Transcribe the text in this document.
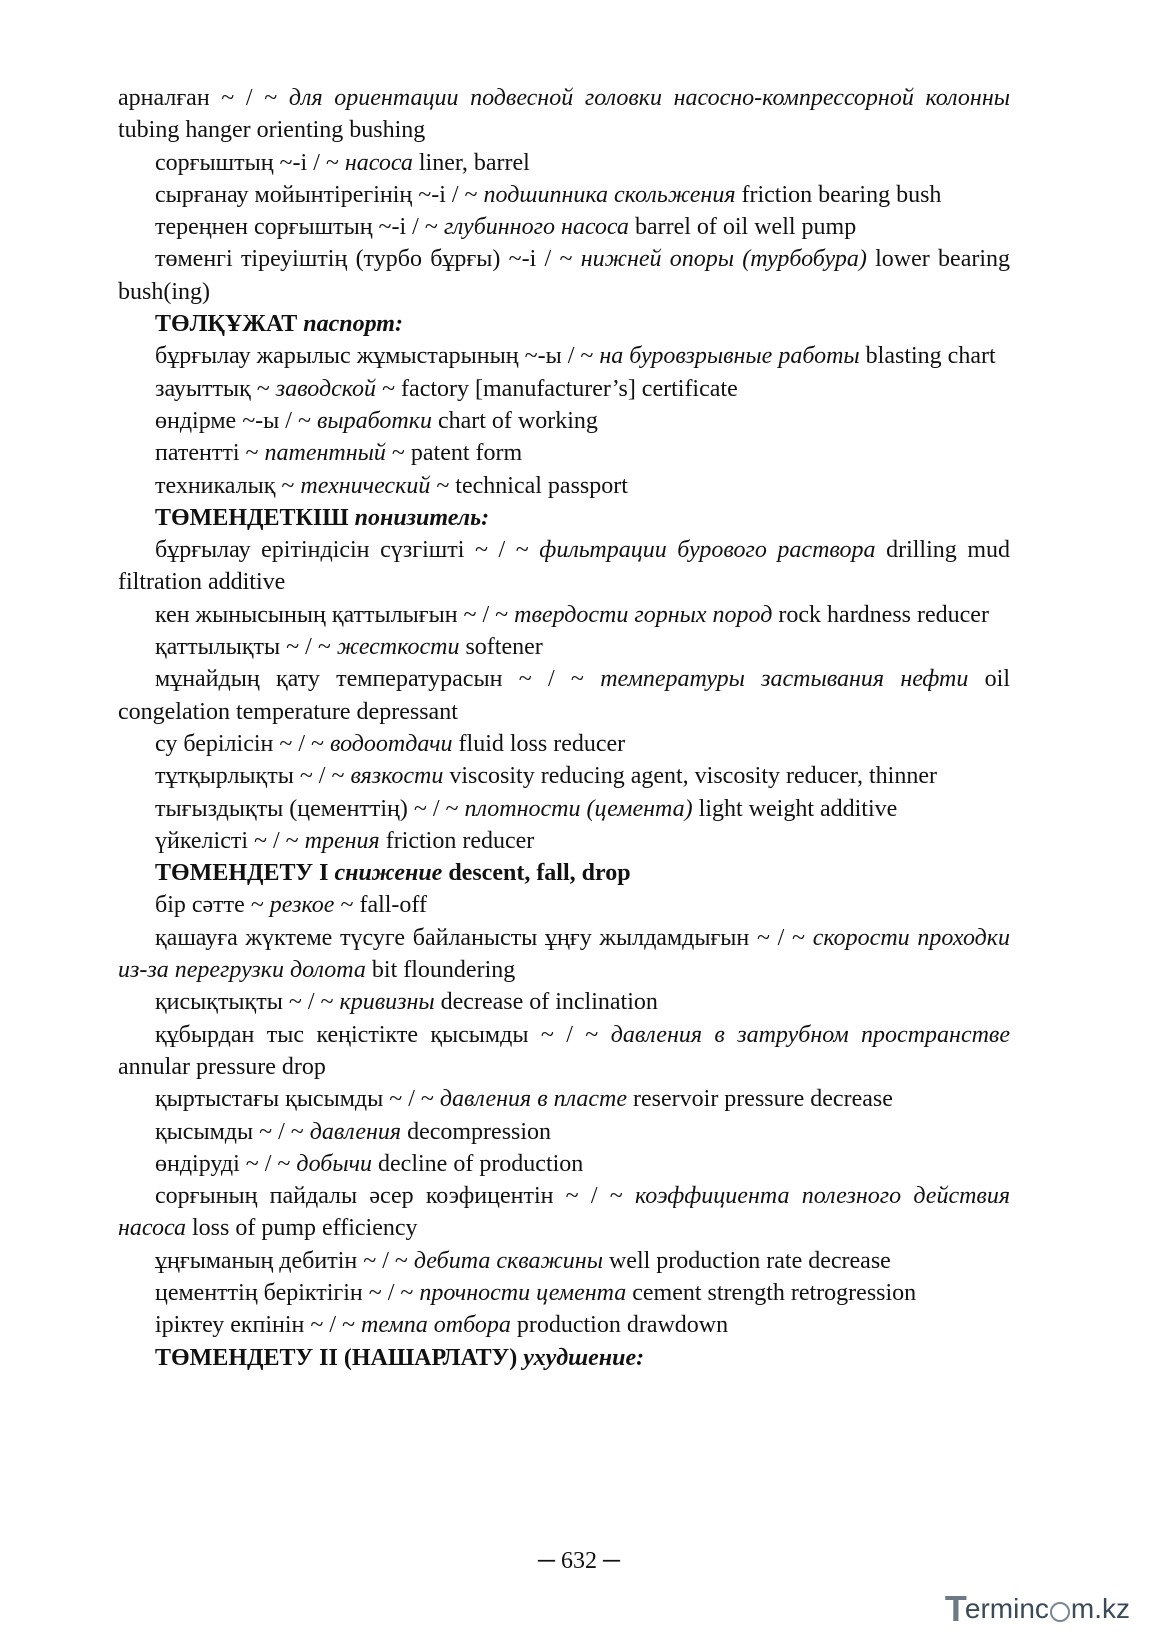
арналған ~ / ~ для ориентации подвесной головки насосно-компрессорной колонны tubing hanger orienting bushing

сорғыштың ~-і / ~ насоса liner, barrel

сырғанау мойынтірегінің ~-і / ~ подшипника скольжения friction bearing bush

тереңнен сорғыштың ~-і / ~ глубинного насоса barrel of oil well pump

төменгі тіреуіштің (турбо бұрғы) ~-і / ~ нижней опоры (турбобура) lower bearing bush(ing)

ТӨЛҚҰЖАТ паспорт:

бұрғылау жарылыс жұмыстарының ~-ы / ~ на буровзрывные работы blasting chart

зауыттық ~ заводской ~ factory [manufacturer’s] certificate

өндірме ~-ы / ~ выработки chart of working

патентті ~ патентный ~ patent form

техникалық ~ технический ~ technical passport

ТӨМЕНДЕТКІШ понизитель:

бұрғылау ерітіндісін сүзгішті ~ / ~ фильтрации бурового раствора drilling mud filtration additive

кен жынысының қаттылығын ~ / ~ твердости горных пород rock hardness reducer

қаттылықты ~ / ~ жесткости softener

мұнайдың қату температурасын ~ / ~ температуры застывания нефти oil congelation temperature depressant

су берілісін ~ / ~ водоотдачи fluid loss reducer

тұтқырлықты ~ / ~ вязкости viscosity reducing agent, viscosity reducer, thinner

тығыздықты (цементтің) ~ / ~ плотности (цемента) light weight additive

үйкелісті ~ / ~ трения friction reducer

ТӨМЕНДЕТУ І снижение descent, fall, drop

бір сәтте ~ резкое ~ fall-off

қашауға жүктеме түсуге байланысты ұңғу жылдамдығын ~ / ~ скорости проходки из-за перегрузки долота bit floundering

қисықтықты ~ / ~ кривизны decrease of inclination

құбырдан тыс кеңістікте қысымды ~ / ~ давления в затрубном пространстве annular pressure drop

қыртыстағы қысымды ~ / ~ давления в пласте reservoir pressure decrease

қысымды ~ / ~ давления decompression

өндіруді ~ / ~ добычи decline of production

сорғының пайдалы әсер коэфицентін ~ / ~ коэффициента полезного действия насоса loss of pump efficiency

ұңғыманың дебитін ~ / ~ дебита скважины well production rate decrease

цементтің беріктігін ~ / ~ прочности цемента cement strength retrogression

іріктеу екпінін ~ / ~ темпа отбора production drawdown

ТӨМЕНДЕТУ ІІ (НАШАРЛАТУ) ухудшение:

─ 632 ─
T
erminc m.kz
